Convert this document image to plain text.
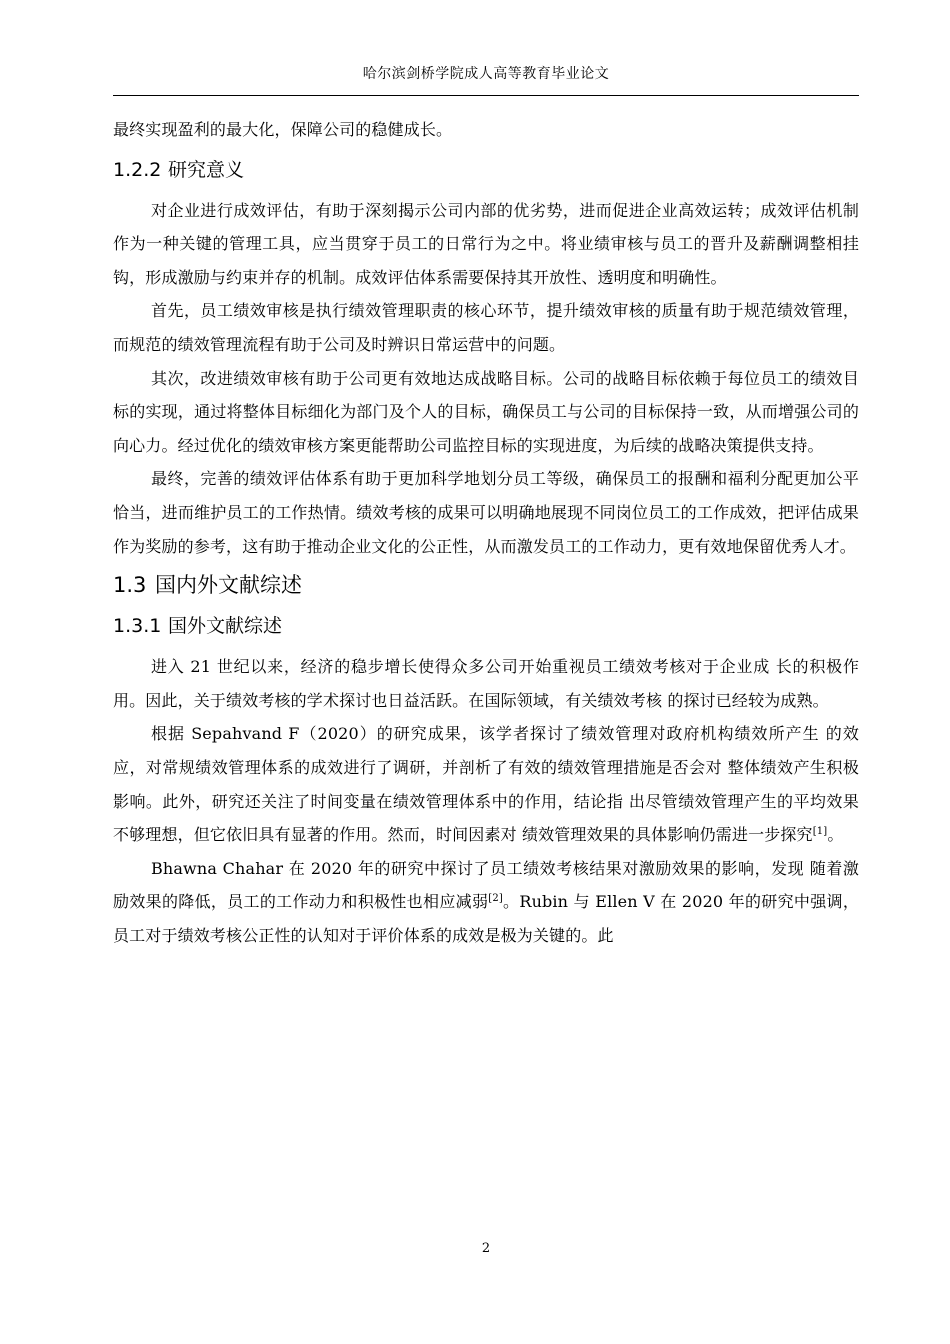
哈尔滨剑桥学院成人高等教育毕业论文

最终实现盈利的最大化，保障公司的稳健成长。

1.2.2 研究意义

对企业进行成效评估，有助于深刻揭示公司内部的优劣势，进而促进企业高效运转；成效评估机制作为一种关键的管理工具，应当贯穿于员工的日常行为之中。将业绩审核与员工的晋升及薪酬调整相挂钩，形成激励与约束并存的机制。成效评估体系需要保持其开放性、透明度和明确性。

首先，员工绩效审核是执行绩效管理职责的核心环节，提升绩效审核的质量有助于规范绩效管理，而规范的绩效管理流程有助于公司及时辨识日常运营中的问题。

其次，改进绩效审核有助于公司更有效地达成战略目标。公司的战略目标依赖于每位员工的绩效目标的实现，通过将整体目标细化为部门及个人的目标，确保员工与公司的目标保持一致，从而增强公司的向心力。经过优化的绩效审核方案更能帮助公司监控目标的实现进度，为后续的战略决策提供支持。

最终，完善的绩效评估体系有助于更加科学地划分员工等级，确保员工的报酬和福利分配更加公平恰当，进而维护员工的工作热情。绩效考核的成果可以明确地展现不同岗位员工的工作成效，把评估成果作为奖励的参考，这有助于推动企业文化的公正性，从而激发员工的工作动力，更有效地保留优秀人才。

1.3 国内外文献综述
1.3.1 国外文献综述

进入 21 世纪以来，经济的稳步增长使得众多公司开始重视员工绩效考核对于企业成 长的积极作用。因此，关于绩效考核的学术探讨也日益活跃。在国际领域，有关绩效考核 的探讨已经较为成熟。

根据 Sepahvand F（2020）的研究成果，该学者探讨了绩效管理对政府机构绩效所产生 的效应，对常规绩效管理体系的成效进行了调研，并剖析了有效的绩效管理措施是否会对 整体绩效产生积极影响。此外，研究还关注了时间变量在绩效管理体系中的作用，结论指 出尽管绩效管理产生的平均效果不够理想，但它依旧具有显著的作用。然而，时间因素对 绩效管理效果的具体影响仍需进一步探究[1]。

Bhawna Chahar 在 2020 年的研究中探讨了员工绩效考核结果对激励效果的影响，发现 随着激励效果的降低，员工的工作动力和积极性也相应减弱[2]。Rubin 与 Ellen V 在 2020 年的研究中强调，员工对于绩效考核公正性的认知对于评价体系的成效是极为关键的。此

2
